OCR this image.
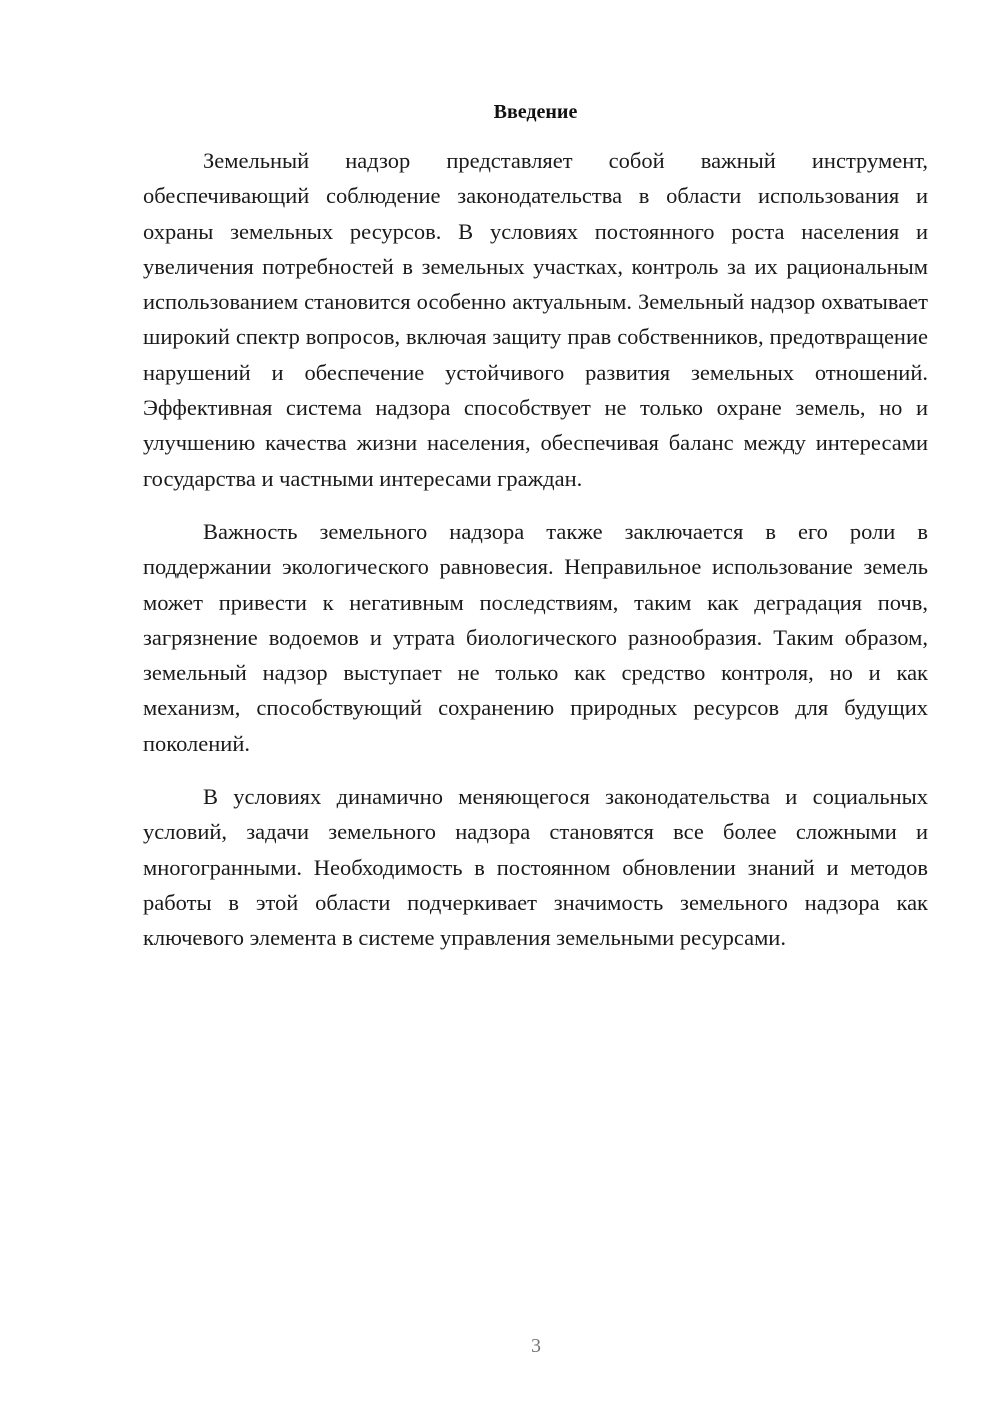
Введение

Земельный надзор представляет собой важный инструмент, обеспечивающий соблюдение законодательства в области использования и охраны земельных ресурсов. В условиях постоянного роста населения и увеличения потребностей в земельных участках, контроль за их рациональным использованием становится особенно актуальным. Земельный надзор охватывает широкий спектр вопросов, включая защиту прав собственников, предотвращение нарушений и обеспечение устойчивого развития земельных отношений. Эффективная система надзора способствует не только охране земель, но и улучшению качества жизни населения, обеспечивая баланс между интересами государства и частными интересами граждан.

Важность земельного надзора также заключается в его роли в поддержании экологического равновесия. Неправильное использование земель может привести к негативным последствиям, таким как деградация почв, загрязнение водоемов и утрата биологического разнообразия. Таким образом, земельный надзор выступает не только как средство контроля, но и как механизм, способствующий сохранению природных ресурсов для будущих поколений.

В условиях динамично меняющегося законодательства и социальных условий, задачи земельного надзора становятся все более сложными и многогранными. Необходимость в постоянном обновлении знаний и методов работы в этой области подчеркивает значимость земельного надзора как ключевого элемента в системе управления земельными ресурсами.

3
